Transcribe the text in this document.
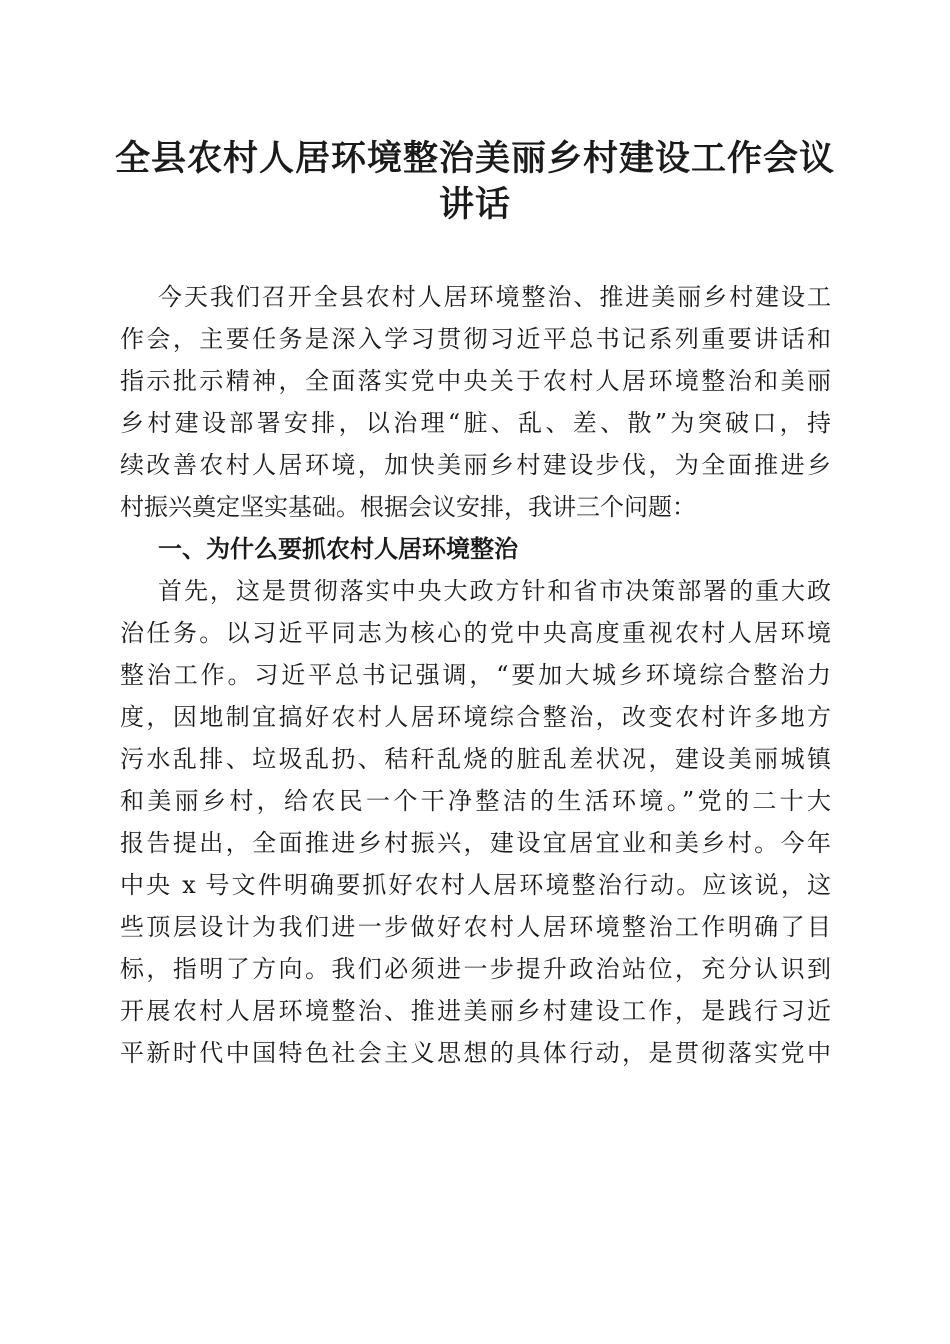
全县农村人居环境整治美丽乡村建设工作会议
讲话
今天我们召开全县农村人居环境整治、推进美丽乡村建设工
作会，主要任务是深入学习贯彻习近平总书记系列重要讲话和
指示批示精神，全面落实党中央关于农村人居环境整治和美丽
乡村建设部署安排，以治理“脏、乱、差、散”为突破口，持
续改善农村人居环境，加快美丽乡村建设步伐，为全面推进乡
村振兴奠定坚实基础。根据会议安排，我讲三个问题：
一、为什么要抓农村人居环境整治
首先，这是贯彻落实中央大政方针和省市决策部署的重大政
治任务。以习近平同志为核心的党中央高度重视农村人居环境
整治工作。习近平总书记强调，“要加大城乡环境综合整治力
度，因地制宜搞好农村人居环境综合整治，改变农村许多地方
污水乱排、垃圾乱扔、秸秆乱烧的脏乱差状况，建设美丽城镇
和美丽乡村，给农民一个干净整洁的生活环境。”党的二十大
报告提出，全面推进乡村振兴，建设宜居宜业和美乡村。今年
中央 x 号文件明确要抓好农村人居环境整治行动。应该说，这
些顶层设计为我们进一步做好农村人居环境整治工作明确了目
标，指明了方向。我们必须进一步提升政治站位，充分认识到
开展农村人居环境整治、推进美丽乡村建设工作，是践行习近
平新时代中国特色社会主义思想的具体行动，是贯彻落实党中
